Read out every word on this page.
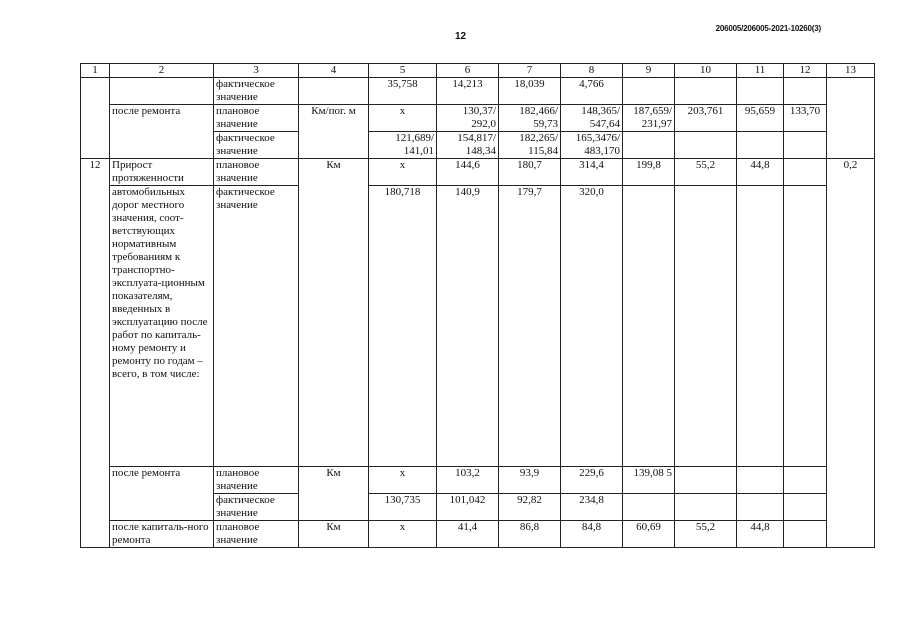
206005/206005-2021-10260(3)
12
1	2	3	4	5	6	7	8	9	10	11	12	13
		фактическое значение		35,758	14,213	18,039	4,766					
	после ремонта	плановое значение	Км/пог. м	х	130,37/ 292,0	182,466/ 59,73	148,365/ 547,64	187,659/ 231,97	203,761	95,659	133,70	
		фактическое значение		121,689/ 141,01	154,817/ 148,34	182,265/ 115,84	165,3476/ 483,170					
12	Прирост протяженности	плановое значение	Км	х	144,6	180,7	314,4	199,8	55,2	44,8		0,2
	автомобильных дорог местного значения, соот-ветствующих нормативным требованиям к транспортно-эксплуата-ционным показателям, введенных в эксплуатацию после работ по капиталь-ному ремонту и ремонту по годам – всего, в том числе:	фактическое значение		180,718	140,9	179,7	320,0					
	после ремонта	плановое значение	Км	х	103,2	93,9	229,6	139,08 5				
		фактическое значение		130,735	101,042	92,82	234,8					
	после капиталь-ного ремонта	плановое значение	Км	х	41,4	86,8	84,8	60,69	55,2	44,8		
